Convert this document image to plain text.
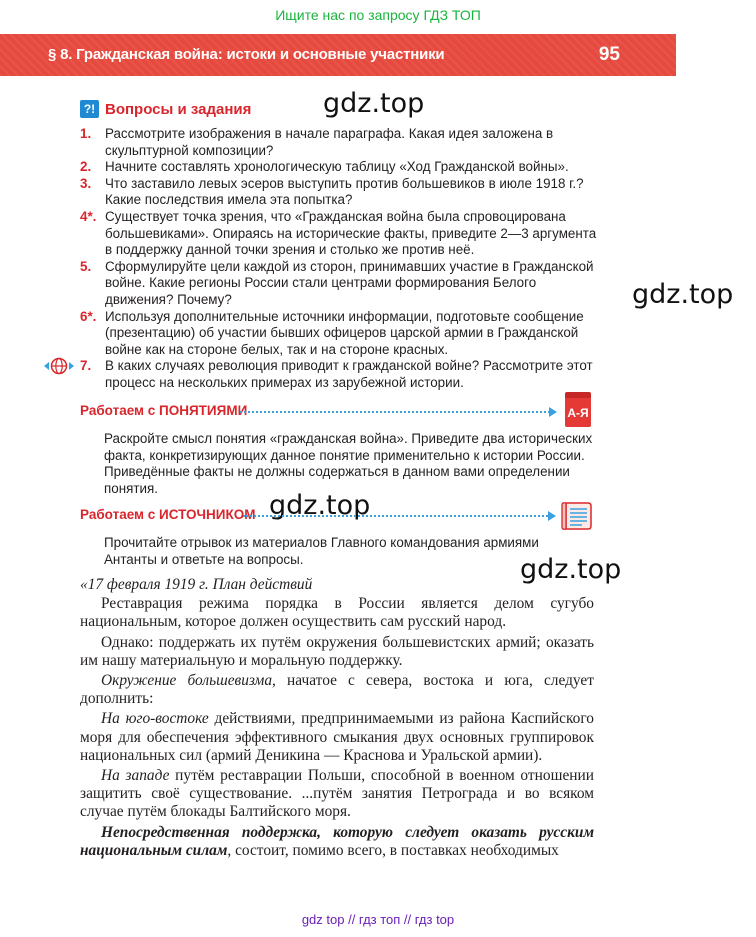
Ищите нас по запросу ГДЗ ТОП
§ 8. Гражданская война: истоки и основные участники	95
gdz.top
gdz.top
gdz.top
gdz.top
?! Вопросы и задания
1. Рассмотрите изображения в начале параграфа. Какая идея заложена в скульптурной композиции?
2. Начните составлять хронологическую таблицу «Ход Гражданской войны».
3. Что заставило левых эсеров выступить против большевиков в июле 1918 г.? Какие последствия имела эта попытка?
4*. Существует точка зрения, что «Гражданская война была спровоцирована большевиками». Опираясь на исторические факты, приведите 2—3 аргумента в поддержку данной точки зрения и столько же против неё.
5. Сформулируйте цели каждой из сторон, принимавших участие в Гражданской войне. Какие регионы России стали центрами формирования Белого движения? Почему?
6*. Используя дополнительные источники информации, подготовьте сообщение (презентацию) об участии бывших офицеров царской армии в Гражданской войне как на стороне белых, так и на стороне красных.
7. В каких случаях революция приводит к гражданской войне? Рассмотрите этот процесс на нескольких примерах из зарубежной истории.
Работаем с ПОНЯТИЯМИ	А-Я
Раскройте смысл понятия «гражданская война». Приведите два исторических факта, конкретизирующих данное понятие применительно к истории России. Приведённые факты не должны содержаться в данном вами определении понятия.
Работаем с ИСТОЧНИКОМ
Прочитайте отрывок из материалов Главного командования армиями Антанты и ответьте на вопросы.

«17 февраля 1919 г. План действий

Реставрация режима порядка в России является делом сугубо национальным, которое должен осуществить сам русский народ.

Однако: поддержать их путём окружения большевистских армий; оказать им нашу материальную и моральную поддержку.

Окружение большевизма, начатое с севера, востока и юга, следует дополнить:

На юго-востоке действиями, предпринимаемыми из района Каспийского моря для обеспечения эффективного смыкания двух основных группировок национальных сил (армий Деникина — Краснова и Уральской армии).

На западе путём реставрации Польши, способной в военном отношении защитить своё существование. ...путём занятия Петрограда и во всяком случае путём блокады Балтийского моря.

Непосредственная поддержка, которую следует оказать русским национальным силам, состоит, помимо всего, в поставках необходимых

gdz top // гдз топ // гдз top
